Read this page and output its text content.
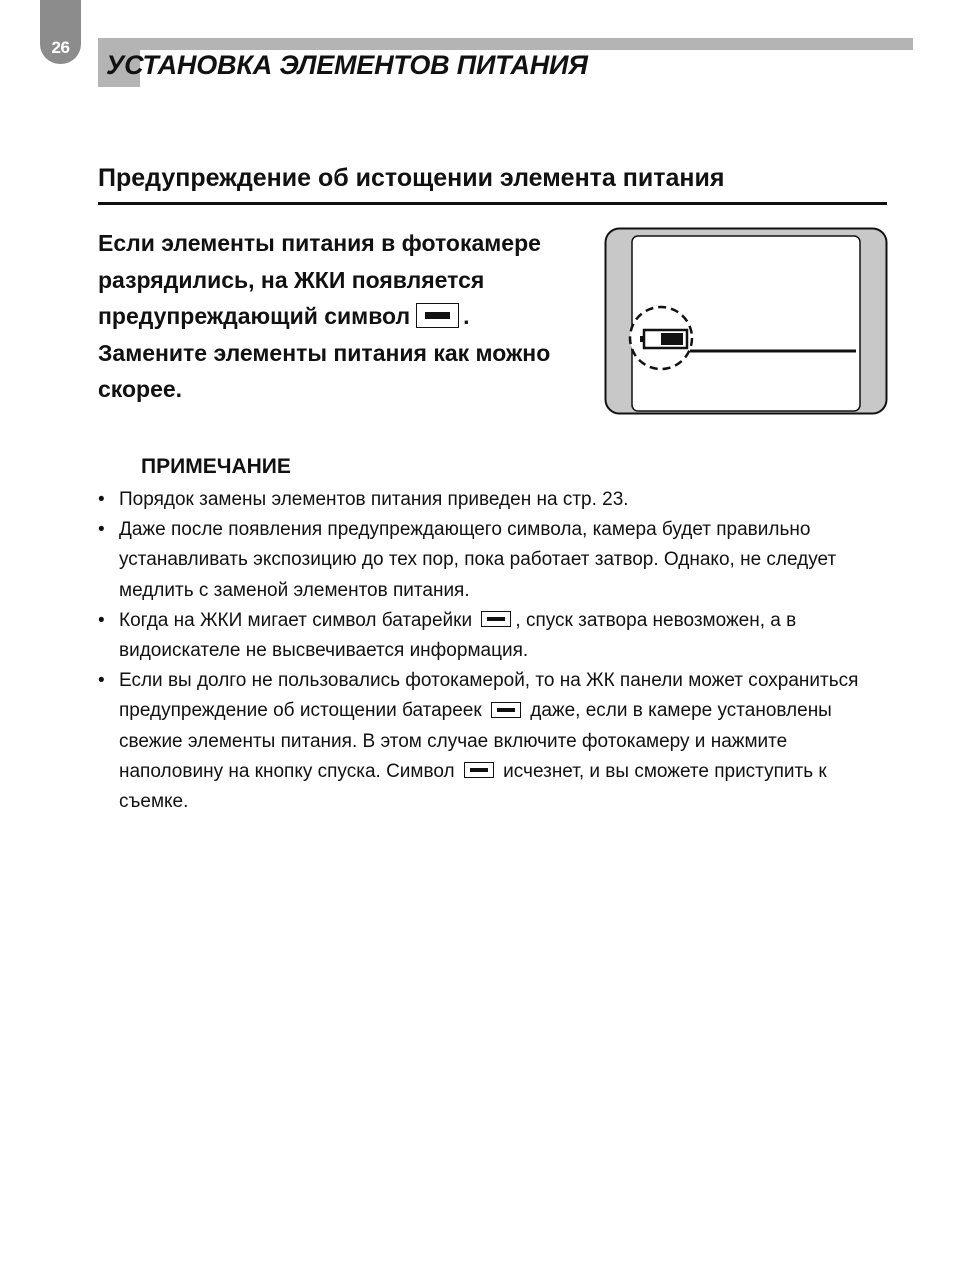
26
УСТАНОВКА ЭЛЕМЕНТОВ ПИТАНИЯ
Предупреждение об истощении элемента питания

Если элементы питания в фотокамере разрядились, на ЖКИ появляется предупреждающий символ . Замените элементы питания как можно скорее.

ПРИМЕЧАНИЕ
• Порядок замены элементов питания приведен на стр. 23.
• Даже после появления предупреждающего символа, камера будет правильно устанавливать экспозицию до тех пор, пока работает затвор. Однако, не следует медлить с заменой элементов питания.
• Когда на ЖКИ мигает символ батарейки , спуск затвора невозможен, а в видоискателе не высвечивается информация.
• Если вы долго не пользовались фотокамерой, то на ЖК панели может сохраниться предупреждение об истощении батареек	даже, если в камере установлены свежие элементы питания. В этом случае включите фотокамеру и нажмите наполовину на кнопку спуска. Символ	исчезнет, и вы сможете приступить к съемке.
